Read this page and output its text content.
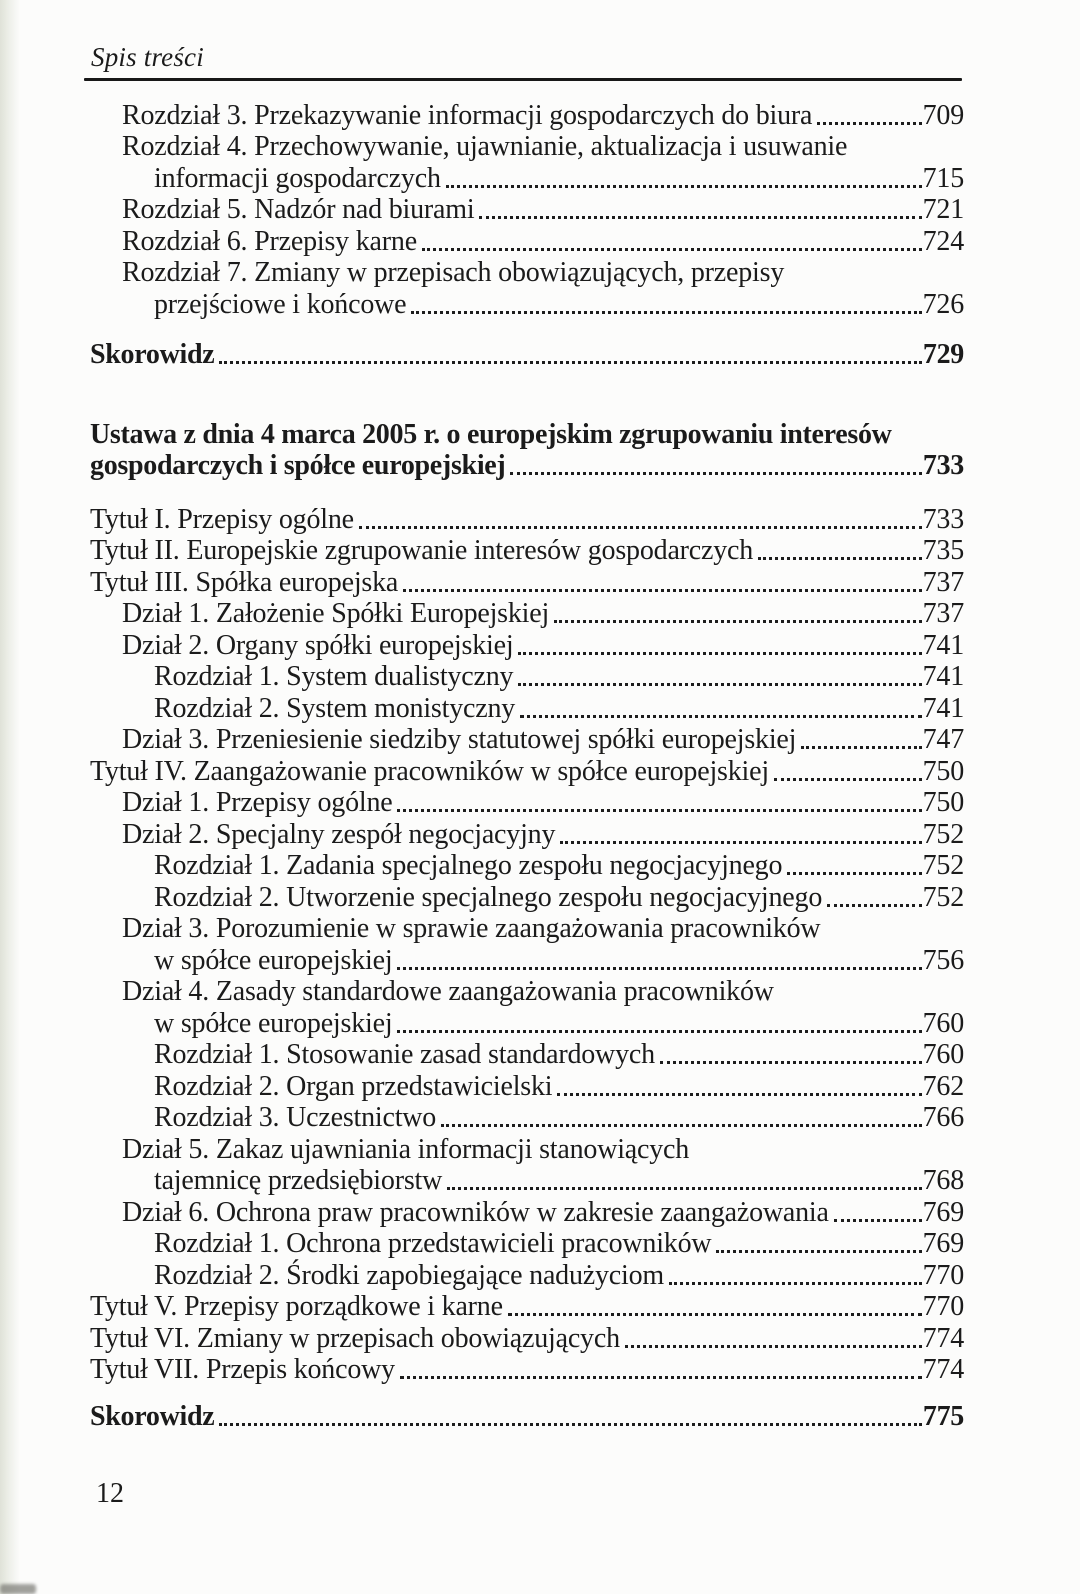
Spis treści
Rozdział 3. Przekazywanie informacji gospodarczych do biura	709
Rozdział 4. Przechowywanie, ujawnianie, aktualizacja i usuwanie
informacji gospodarczych	715
Rozdział 5. Nadzór nad biurami	721
Rozdział 6. Przepisy karne	724
Rozdział 7. Zmiany w przepisach obowiązujących, przepisy
przejściowe i końcowe	726
Skorowidz	729
Ustawa z dnia 4 marca 2005 r. o europejskim zgrupowaniu interesów
gospodarczych i spółce europejskiej	733
Tytuł I. Przepisy ogólne	733
Tytuł II. Europejskie zgrupowanie interesów gospodarczych	735
Tytuł III. Spółka europejska	737
Dział 1. Założenie Spółki Europejskiej	737
Dział 2. Organy spółki europejskiej	741
Rozdział 1. System dualistyczny	741
Rozdział 2. System monistyczny	741
Dział 3. Przeniesienie siedziby statutowej spółki europejskiej	747
Tytuł IV. Zaangażowanie pracowników w spółce europejskiej	750
Dział 1. Przepisy ogólne	750
Dział 2. Specjalny zespół negocjacyjny	752
Rozdział 1. Zadania specjalnego zespołu negocjacyjnego	752
Rozdział 2. Utworzenie specjalnego zespołu negocjacyjnego	752
Dział 3. Porozumienie w sprawie zaangażowania pracowników
w spółce europejskiej	756
Dział 4. Zasady standardowe zaangażowania pracowników
w spółce europejskiej	760
Rozdział 1. Stosowanie zasad standardowych	760
Rozdział 2. Organ przedstawicielski	762
Rozdział 3. Uczestnictwo	766
Dział 5. Zakaz ujawniania informacji stanowiących
tajemnicę przedsiębiorstw	768
Dział 6. Ochrona praw pracowników w zakresie zaangażowania	769
Rozdział 1. Ochrona przedstawicieli pracowników	769
Rozdział 2. Środki zapobiegające nadużyciom	770
Tytuł V. Przepisy porządkowe i karne	770
Tytuł VI. Zmiany w przepisach obowiązujących	774
Tytuł VII. Przepis końcowy	774
Skorowidz	775
12
